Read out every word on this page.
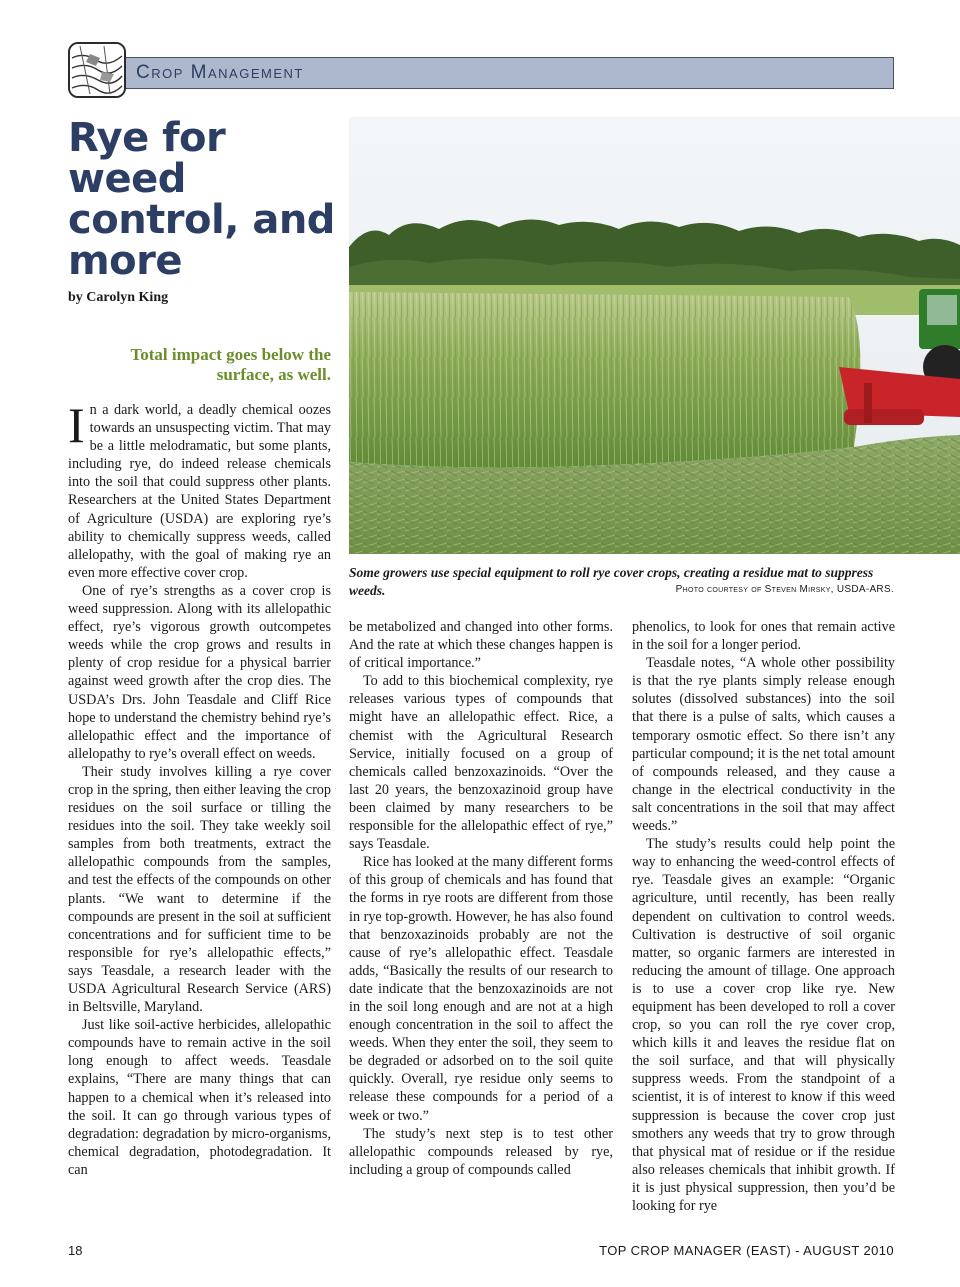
Crop Management
Rye for weed control, and more
by Carolyn King
Total impact goes below the surface, as well.

In a dark world, a deadly chemical oozes towards an unsuspecting victim. That may be a little melodramatic, but some plants, including rye, do indeed release chemicals into the soil that could suppress other plants. Researchers at the United States Department of Agriculture (USDA) are exploring rye’s ability to chemically suppress weeds, called allelopathy, with the goal of making rye an even more effective cover crop.

One of rye’s strengths as a cover crop is weed suppression. Along with its allelopathic effect, rye’s vigorous growth outcompetes weeds while the crop grows and results in plenty of crop residue for a physical barrier against weed growth after the crop dies. The USDA’s Drs. John Teasdale and Cliff Rice hope to understand the chemistry behind rye’s allelopathic effect and the importance of allelopathy to rye’s overall effect on weeds.

Their study involves killing a rye cover crop in the spring, then either leaving the crop residues on the soil surface or tilling the residues into the soil. They take weekly soil samples from both treatments, extract the allelopathic compounds from the samples, and test the effects of the compounds on other plants. “We want to determine if the compounds are present in the soil at sufficient concentrations and for sufficient time to be responsible for rye’s allelopathic effects,” says Teasdale, a research leader with the USDA Agricultural Research Service (ARS) in Beltsville, Maryland.

Just like soil-active herbicides, allelopathic compounds have to remain active in the soil long enough to affect weeds. Teasdale explains, “There are many things that can happen to a chemical when it’s released into the soil. It can go through various types of degradation: degradation by micro-organisms, chemical degradation, photodegradation. It can

Some growers use special equipment to roll rye cover crops, creating a residue mat to suppress weeds.	Photo courtesy of Steven Mirsky, USDA-ARS.

be metabolized and changed into other forms. And the rate at which these changes happen is of critical importance.”

To add to this biochemical complexity, rye releases various types of compounds that might have an allelopathic effect. Rice, a chemist with the Agricultural Research Service, initially focused on a group of chemicals called benzoxazinoids. “Over the last 20 years, the benzoxazinoid group have been claimed by many researchers to be responsible for the allelopathic effect of rye,” says Teasdale.

Rice has looked at the many different forms of this group of chemicals and has found that the forms in rye roots are different from those in rye top-growth. However, he has also found that benzoxazinoids probably are not the cause of rye’s allelopathic effect. Teasdale adds, “Basically the results of our research to date indicate that the benzoxazinoids are not in the soil long enough and are not at a high enough concentration in the soil to affect the weeds. When they enter the soil, they seem to be degraded or adsorbed on to the soil quite quickly. Overall, rye residue only seems to release these compounds for a period of a week or two.”

The study’s next step is to test other allelopathic compounds released by rye, including a group of compounds called

phenolics, to look for ones that remain active in the soil for a longer period.

Teasdale notes, “A whole other possibility is that the rye plants simply release enough solutes (dissolved substances) into the soil that there is a pulse of salts, which causes a temporary osmotic effect. So there isn’t any particular compound; it is the net total amount of compounds released, and they cause a change in the electrical conductivity in the salt concentrations in the soil that may affect weeds.”

The study’s results could help point the way to enhancing the weed-control effects of rye. Teasdale gives an example: “Organic agriculture, until recently, has been really dependent on cultivation to control weeds. Cultivation is destructive of soil organic matter, so organic farmers are interested in reducing the amount of tillage. One approach is to use a cover crop like rye. New equipment has been developed to roll a cover crop, so you can roll the rye cover crop, which kills it and leaves the residue flat on the soil surface, and that will physically suppress weeds. From the standpoint of a scientist, it is of interest to know if this weed suppression is because the cover crop just smothers any weeds that try to grow through that physical mat of residue or if the residue also releases chemicals that inhibit growth. If it is just physical suppression, then you’d be looking for rye

18	TOP CROP MANAGER (EAST) - AUGUST 2010
